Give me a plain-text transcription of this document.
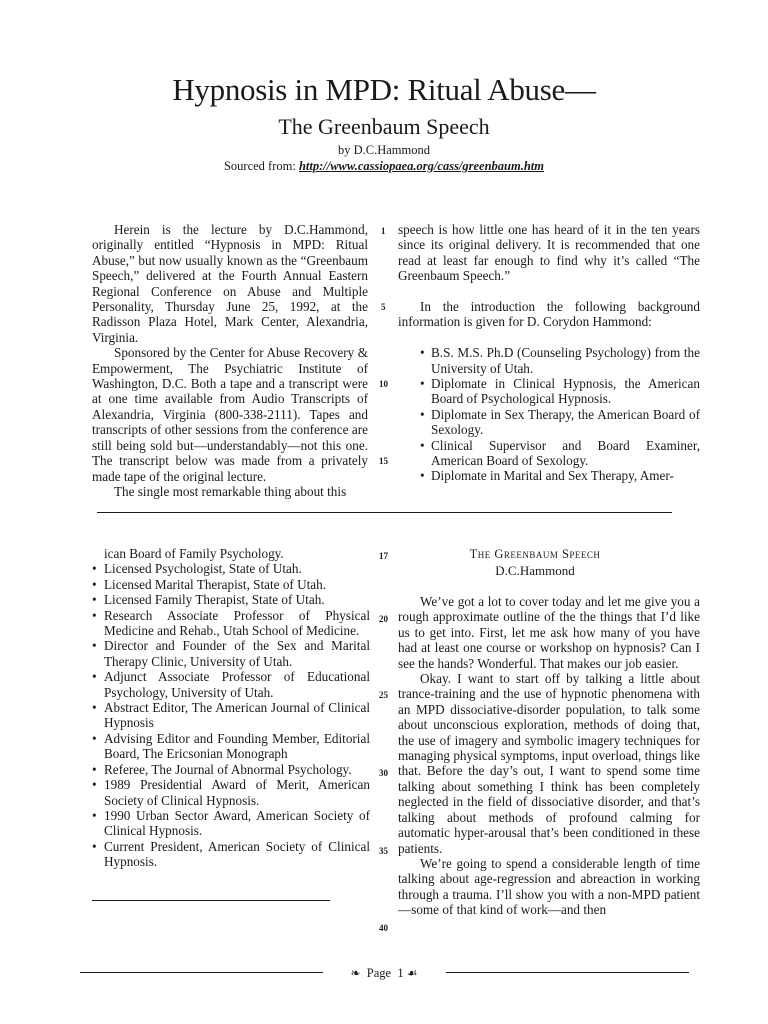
Hypnosis in MPD: Ritual Abuse—
The Greenbaum Speech
by D.C.Hammond
Sourced from: http://www.cassiopaea.org/cass/greenbaum.htm

Herein is the lecture by D.C.Hammond, originally entitled “Hypnosis in MPD: Ritual Abuse,” but now usually known as the “Greenbaum Speech,” delivered at the Fourth Annual Eastern Regional Conference on Abuse and Multiple Personality, Thursday June 25, 1992, at the Radisson Plaza Hotel, Mark Center, Alexandria, Virginia.

Sponsored by the Center for Abuse Recovery & Empowerment, The Psychiatric Institute of Washington, D.C. Both a tape and a transcript were at one time available from Audio Transcripts of Alexandria, Virginia (800-338-2111). Tapes and transcripts of other sessions from the conference are still being sold but—understandably—not this one. The transcript below was made from a privately made tape of the original lecture.

The single most remarkable thing about this

1
5
10
15

speech is how little one has heard of it in the ten years since its original delivery. It is recommended that one read at least far enough to find why it’s called “The Greenbaum Speech.”

In the introduction the following background information is given for D. Corydon Hammond:

• B.S. M.S. Ph.D (Counseling Psychology) from the University of Utah.
• Diplomate in Clinical Hypnosis, the American Board of Psychological Hypnosis.
• Diplomate in Sex Therapy, the American Board of Sexology.
• Clinical Supervisor and Board Examiner, American Board of Sexology.
• Diplomate in Marital and Sex Therapy, Amer-

ican Board of Family Psychology.

• Licensed Psychologist, State of Utah.
• Licensed Marital Therapist, State of Utah.
• Licensed Family Therapist, State of Utah.
• Research Associate Professor of Physical Medicine and Rehab., Utah School of Medicine.
• Director and Founder of the Sex and Marital Therapy Clinic, University of Utah.
• Adjunct Associate Professor of Educational Psychology, University of Utah.
• Abstract Editor, The American Journal of Clinical Hypnosis
• Advising Editor and Founding Member, Editorial Board, The Ericsonian Monograph
• Referee, The Journal of Abnormal Psychology.
• 1989 Presidential Award of Merit, American Society of Clinical Hypnosis.
• 1990 Urban Sector Award, American Society of Clinical Hypnosis.
• Current President, American Society of Clinical Hypnosis.
17
20
25
30
35
40
The Greenbaum Speech
D.C.Hammond

We’ve got a lot to cover today and let me give you a rough approximate outline of the the things that I’d like us to get into. First, let me ask how many of you have had at least one course or workshop on hypnosis? Can I see the hands? Wonderful. That makes our job easier.

Okay. I want to start off by talking a little about trance-training and the use of hypnotic phenomena with an MPD dissociative-disorder population, to talk some about unconscious exploration, methods of doing that, the use of imagery and symbolic imagery techniques for managing physical symptoms, input overload, things like that. Before the day’s out, I want to spend some time talking about something I think has been completely neglected in the field of dissociative disorder, and that’s talking about methods of profound calming for automatic hyper-arousal that’s been conditioned in these patients.

We’re going to spend a considerable length of time talking about age-regression and abreaction in working through a trauma. I’ll show you with a non-MPD patient—some of that kind of work—and then

❧ Page 1 ☙
